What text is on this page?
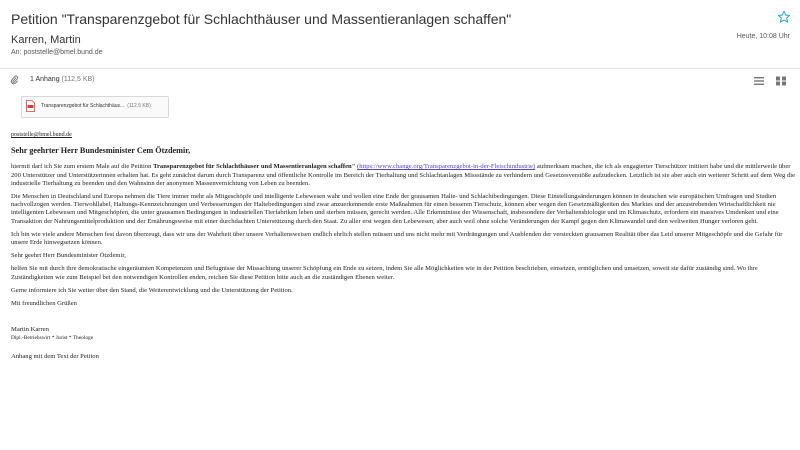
Petition "Transparenzgebot für Schlachthäuser und Massentieranlagen schaffen"
Karren, Martin
An: poststelle@bmel.bund.de
Heute, 10:08 Uhr
1 Anhang (112,5 KB)

Transparenzgebot für Schlachthäus... (112,5 KB)

poststelle@bmel.bund.de

Sehr geehrter Herr Bundesminister Cem Ötzdemir,

hiermit darf ich Sie zum erstem Male auf die Petition Transparenzgebot für Schlachthäuser und Massentieranlagen schaffen" (https://www.change.org/Transparenzgebot-in-der-Fleischindustrie) aufmerksam machen, die ich als engagierter Tierschützer initiiert habe und die mittlerweile über 200 Unterstützer und Unterstützerinnen erhalten hat. Es geht zunächst darum durch Transparenz und öffentliche Kontrolle im Bereich der Tierhaltung und Schlachtanlagen Missstände zu verhindern und Gesetzesverstöße aufzudecken. Letztlich ist sie aber auch ein weiterer Schritt auf dem Weg die industrielle Tierhaltung zu beenden und den Wahnsinn der anonymen Massenvernichtung von Leben zu beenden.

Die Menschen in Deutschland und Europa nehmen die Tiere immer mehr als Mitgeschöpfe und intelligente Lebewesen wahr und wollen eine Ende der grausamen Halte- und Schlachtbedingungen. Diese Einstellungsänderungen können in deutschen wie europäischen Umfragen und Studien nachvollzogen werden. Tierwohllabel, Haltungs-Kennzeichnungen und Verbesserungen der Haltebedingungen sind zwar anzuerkennende erste Maßnahmen für einen besseren Tierschutz, können aber wegen den Gesetzmäßigkeiten des Marktes und der anzustrebenden Wirtschaftlichkeit nie intelligenten Lebewesen und Mitgeschöpfen, die unter grausamen Bedingungen in industriellen Tierfabriken leben und sterben müssen, gerecht werden. Alle Erkenntnisse der Wissenschaft, insbesondere der Verhaltensbiologie und im Klimaschutz, erfordern ein massives Umdenken und eine Transaktion der Nahrungsmittelproduktion und der Ernährungsweise mit einer durchdachten Unterstützung durch den Staat. Zu aller erst wegen den Lebewesen, aber auch weil ohne solche Veränderungen der Kampf gegen den Klimawandel und den weltweiten Hunger verloren geht.

Ich bin wie viele andere Menschen fest davon überzeugt, dass wir uns der Wahrheit über unsere Verhaltensweisen endlich ehrlich stellen müssen und uns nicht mehr mit Verdrängungen und Ausblenden der versteckten grausamen Realität über das Leid unserer Mitgeschöpfe und die Gefahr für unsere Erde hinwegsetzen können.

Sehr geehrt Herr Bundesminister Ötzdemir,

helfen Sie mit durch ihre demokratische eingeräumten Kompetenzen und Befugnisse der Missachtung unserer Schöpfung ein Ende zu setzen, indem Sie alle Möglichkeiten wie in der Petition beschrieben, einsetzen, ermöglichen und umsetzen, soweit sie dafür zuständig sind. Wo ihre Zuständigkeiten wie zum Beispiel bei den notwendigen Kontrollen enden, reichen Sie diese Petition bitte auch an die zuständigen Ebenen weiter.

Gerne informiere ich Sie weiter über den Stand, die Weiterentwicklung und die Unterstützung der Petition.

Mit freundlichen Grüßen

Martin Karren

Dipl.-Betriebswirt * Jurist * Theologe

Anhang mit dem Text der Petiton
